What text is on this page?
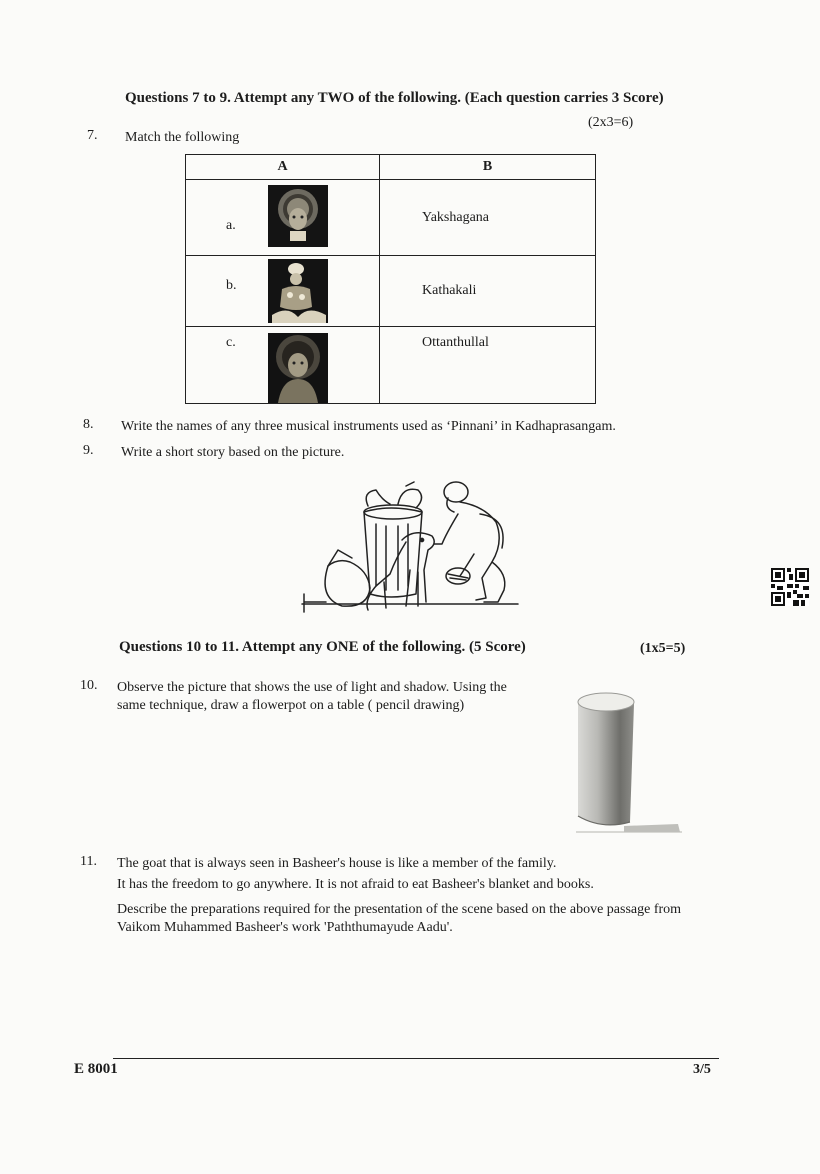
Questions 7 to 9. Attempt any TWO of the following. (Each question carries 3 Score)
(2x3=6)
7. Match the following
A	B

a.	Yakshagana

b.	Kathakali

c.	Ottanthullal
8. Write the names of any three musical instruments used as ‘Pinnani’ in Kadhaprasangam.
9. Write a short story based on the picture.
Questions 10 to 11. Attempt any ONE of the following. (5 Score)	(1x5=5)
10. Observe the picture that shows the use of light and shadow. Using the
same technique, draw a flowerpot on a table ( pencil drawing)
11. The goat that is always seen in Basheer's house is like a member of the family.
It has the freedom to go anywhere. It is not afraid to eat Basheer's blanket and books.
Describe the preparations required for the presentation of the scene based on the above passage from
Vaikom Muhammed Basheer's work 'Paththumayude Aadu'.
E 8001	3/5
